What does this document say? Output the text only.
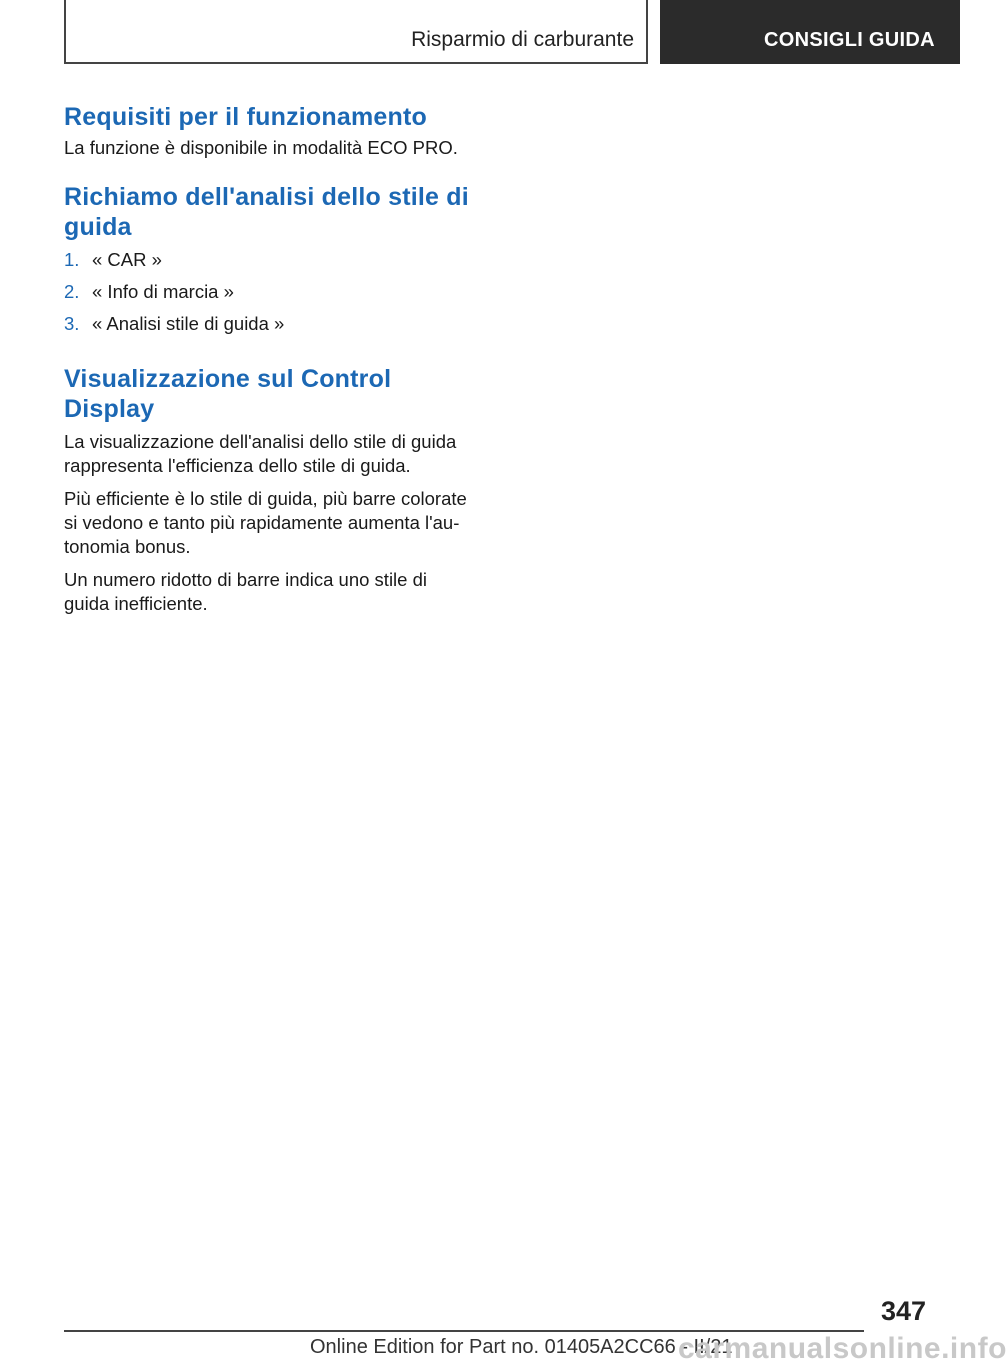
Risparmio di carburante	CONSIGLI GUIDA
Requisiti per il funzionamento

La funzione è disponibile in modalità ECO PRO.

Richiamo dell'analisi dello stile di
guida
1. « CAR »
2. « Info di marcia »
3. « Analisi stile di guida »
Visualizzazione sul Control
Display

La visualizzazione dell'analisi dello stile di guida
rappresenta l'efficienza dello stile di guida.

Più efficiente è lo stile di guida, più barre colorate
si vedono e tanto più rapidamente aumenta l'au-
tonomia bonus.

Un numero ridotto di barre indica uno stile di
guida inefficiente.

347
Online Edition for Part no. 01405A2CC66 - II/21
carmanualsonline.info
